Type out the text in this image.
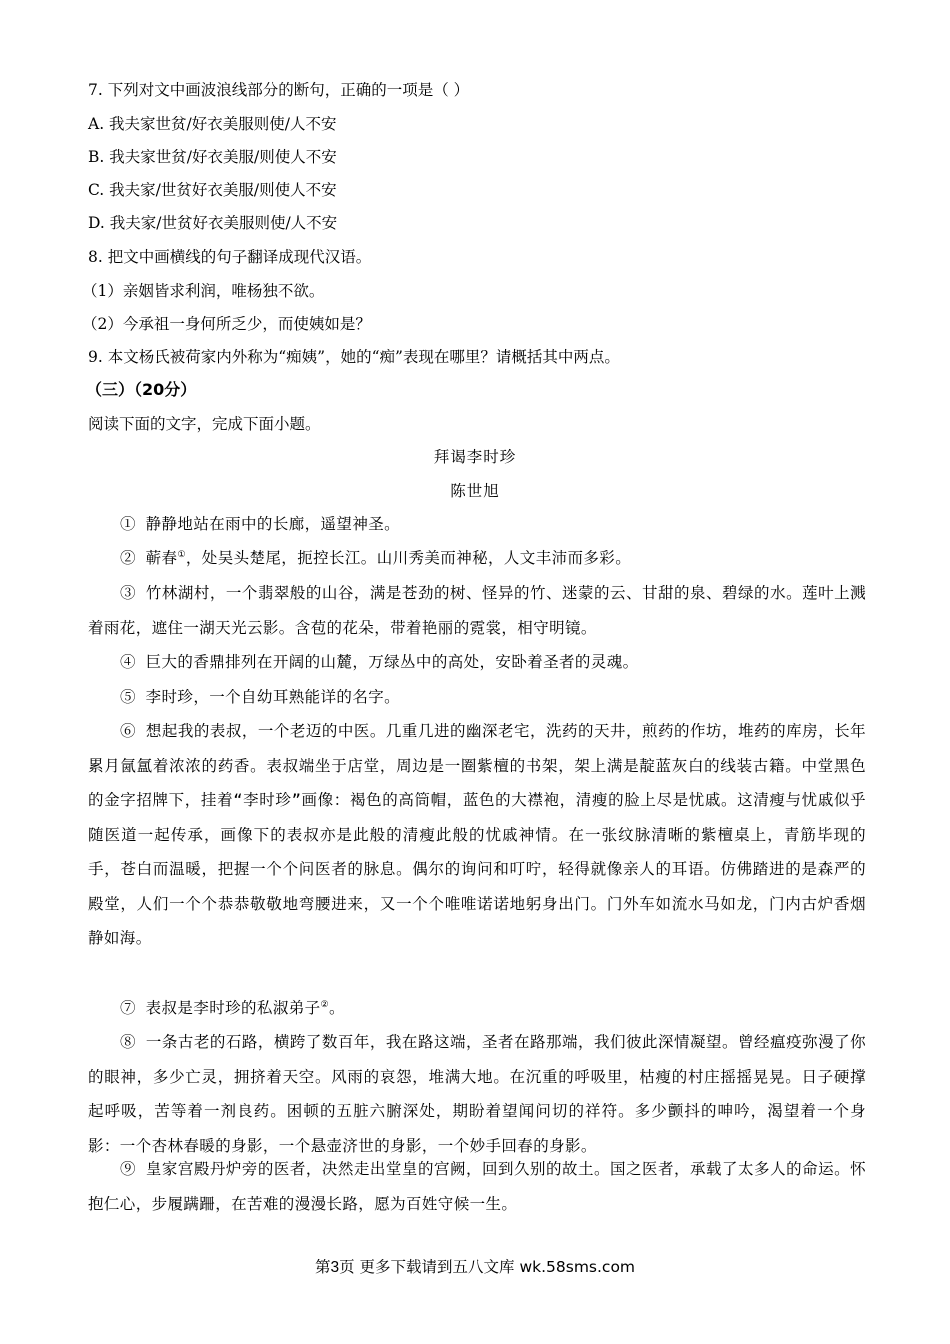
7. 下列对文中画波浪线部分的断句，正确的一项是（ ）
A. 我夫家世贫/好衣美服则使/人不安
B. 我夫家世贫/好衣美服/则使人不安
C. 我夫家/世贫好衣美服/则使人不安
D. 我夫家/世贫好衣美服则使/人不安
8. 把文中画横线的句子翻译成现代汉语。
（1）亲姻皆求利润，唯杨独不欲。
（2）今承祖一身何所乏少，而使姨如是？
9. 本文杨氏被荷家内外称为“痴姨”，她的“痴”表现在哪里？请概括其中两点。
（三）（20分）
阅读下面的文字，完成下面小题。
拜谒李时珍
陈世旭
① 静静地站在雨中的长廊，遥望神圣。
② 蕲春①，处吴头楚尾，扼控长江。山川秀美而神秘，人文丰沛而多彩。
③ 竹林湖村，一个翡翠般的山谷，满是苍劲的树、怪异的竹、迷蒙的云、甘甜的泉、碧绿的水。莲叶上溅着雨花，遮住一湖天光云影。含苞的花朵，带着艳丽的霓裳，相守明镜。
④ 巨大的香鼎排列在开阔的山麓，万绿丛中的高处，安卧着圣者的灵魂。
⑤ 李时珍，一个自幼耳熟能详的名字。
⑥ 想起我的表叔，一个老迈的中医。几重几进的幽深老宅，洗药的天井，煎药的作坊，堆药的库房，长年累月氤氲着浓浓的药香。表叔端坐于店堂，周边是一圈紫檀的书架，架上满是靛蓝灰白的线装古籍。中堂黑色的金字招牌下，挂着“李时珍”画像：褐色的高筒帽，蓝色的大襟袍，清瘦的脸上尽是忧戚。这清瘦与忧戚似乎随医道一起传承，画像下的表叔亦是此般的清瘦此般的忧戚神情。在一张纹脉清晰的紫檀桌上，青筋毕现的手，苍白而温暖，把握一个个问医者的脉息。偶尔的询问和叮咛，轻得就像亲人的耳语。仿佛踏进的是森严的殿堂，人们一个个恭恭敬敬地弯腰进来，又一个个唯唯诺诺地躬身出门。门外车如流水马如龙，门内古炉香烟静如海。
⑦ 表叔是李时珍的私淑弟子②。
⑧ 一条古老的石路，横跨了数百年，我在路这端，圣者在路那端，我们彼此深情凝望。曾经瘟疫弥漫了你的眼神，多少亡灵，拥挤着天空。风雨的哀怨，堆满大地。在沉重的呼吸里，枯瘦的村庄摇摇晃晃。日子硬撑起呼吸，苦等着一剂良药。困顿的五脏六腑深处，期盼着望闻问切的祥符。多少颤抖的呻吟，渴望着一个身影：一个杏林春暖的身影，一个悬壶济世的身影，一个妙手回春的身影。
⑨ 皇家宫殿丹炉旁的医者，决然走出堂皇的宫阙，回到久别的故土。国之医者，承载了太多人的命运。怀抱仁心，步履蹒跚，在苦难的漫漫长路，愿为百姓守候一生。
第3页 更多下载请到五八文库 wk.58sms.com
